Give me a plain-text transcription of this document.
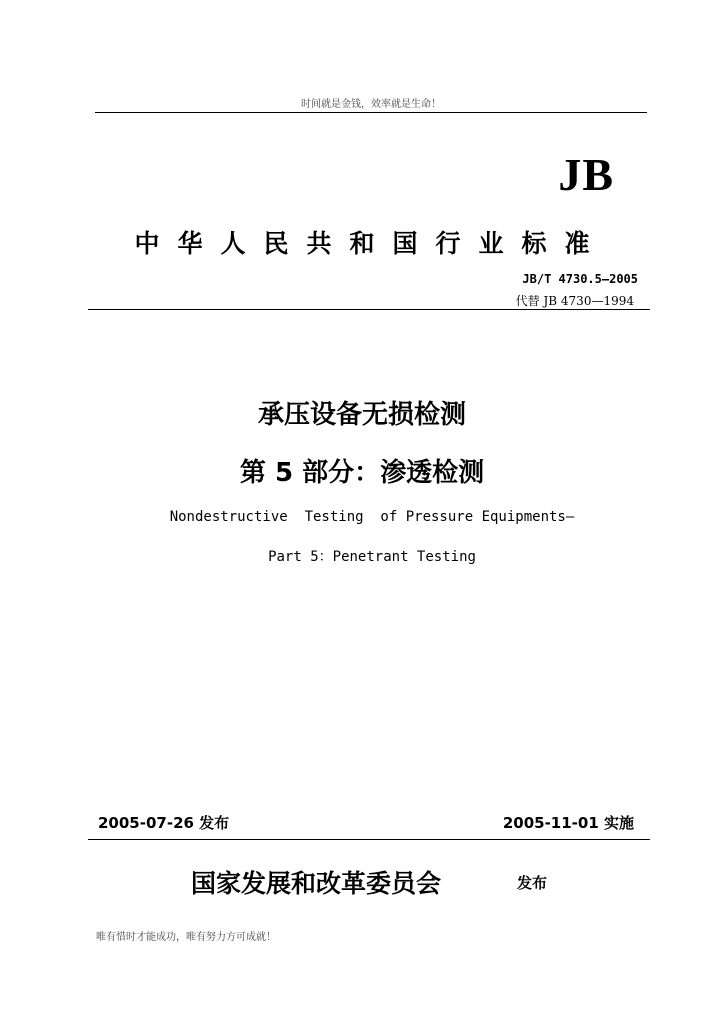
时间就是金钱，效率就是生命！
JB
中华人民共和国行业标准
JB/T 4730.5—2005
代替 JB 4730—1994
承压设备无损检测
第 5 部分：渗透检测
Nondestructive  Testing  of Pressure Equipments—
Part 5：Penetrant Testing
2005-07-26 发布	2005-11-01 实施
国家发展和改革委员会	发布
唯有惜时才能成功，唯有努力方可成就！
